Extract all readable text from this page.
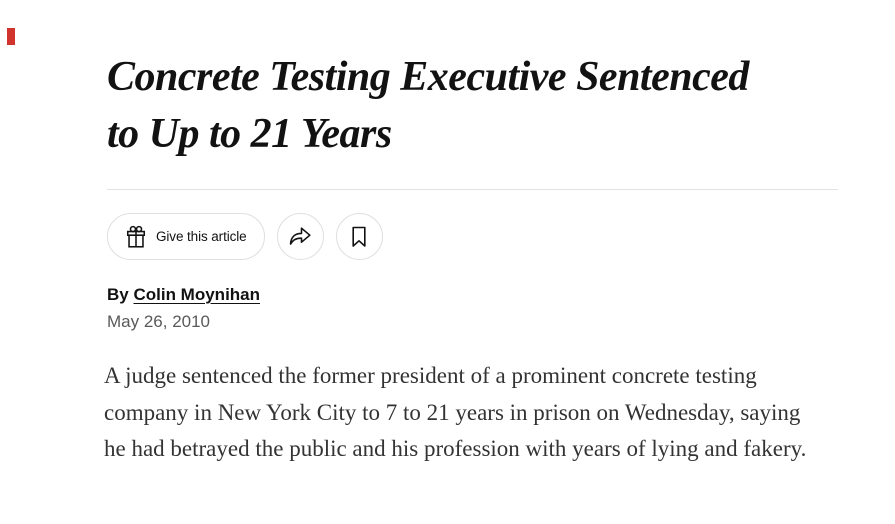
Concrete Testing Executive Sentenced
to Up to 21 Years
Give this article
By Colin Moynihan
May 26, 2010

A judge sentenced the former president of a prominent concrete testing company in New York City to 7 to 21 years in prison on Wednesday, saying he had betrayed the public and his profession with years of lying and fakery.
